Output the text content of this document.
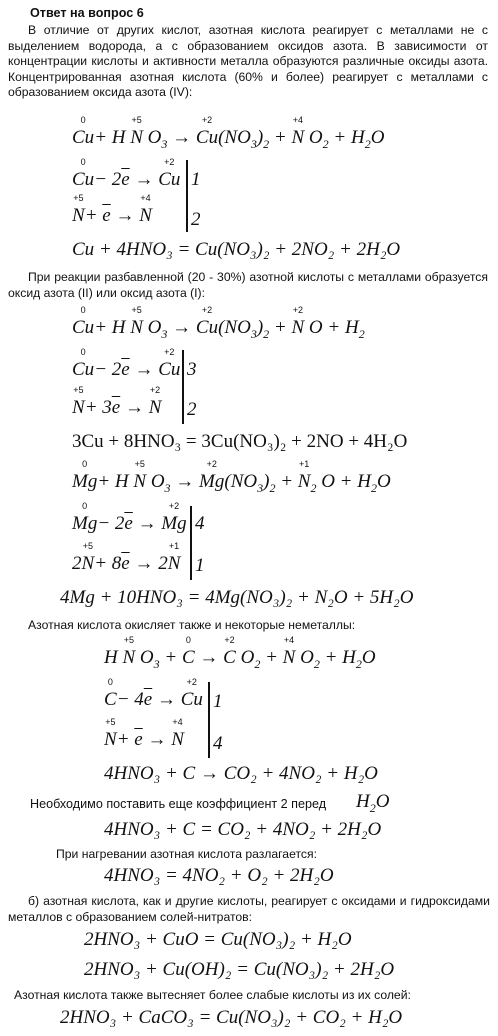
Ответ на вопрос 6

В отличие от других кислот, азотная кислота реагирует с металлами не с выделением водорода, а с образованием оксидов азота. В зависимости от концентрации кислоты и активности металла образуются различные оксиды азота. Концентрированная азотная кислота (60% и более) реагирует с металлами с образованием оксида азота (IV):

Cu
0
+ H N
+5
$O_3 \to Cu$
+2
$(NO_3)_2 + N$
+4
$O_2 + H_2O$
Cu
0
− $2\overline{e} \to Cu$
+2
N
+5
+ $\overline{e} \to N$
+4
1
2
Cu + 4HNO₃ = Cu(NO₃)₂ + 2NO₂ + 2H₂O

При реакции разбавленной (20 - 30%) азотной кислоты с металлами образуется оксид азота (II) или оксид азота (I):

Cu
0
+ H N
+5
$O_3 \to Cu$
+2
$(NO_3)_2 + N$
+2
$O + H_2$
Cu
0
− $2\overline{e} \to Cu$
+2
N
+5
+ $3\overline{e} \to N$
+2
3
2
3Cu + 8HNO₃ = 3Cu(NO₃)₂ + 2NO + 4H₂O
Mg
0
+ H N
+5
$O_3 \to Mg$
+2
$(NO_3)_2 + N$
+1
$_2$ $O + H_2O$
Mg
0
− $2\overline{e} \to Mg$
+2
2N
+5
+ $8\overline{e} \to 2N$
+1
4
1
4Mg + 10HNO₃ = 4Mg(NO₃)₂ + N₂O + 5H₂O

Азотная кислота окисляет также и некоторые неметаллы:

H N
+5
$O_3 + C$
0
→ C
+2
$O_2 + N$
+4
$O_2 + H_2O$
C
0
− $4\overline{e} \to Cu$
+2
N
+5
+ $\overline{e} \to N$
+4
1
4
4HNO₃ + C → CO₂ + 4NO₂ + H₂O

Необходимо поставить еще коэффициент 2 перед $H_2O$
4HNO₃ + C = CO₂ + 4NO₂ + 2H₂O

При нагревании азотная кислота разлагается:

4HNO₃ = 4NO₂ + O₂ + 2H₂O

б) азотная кислота, как и другие кислоты, реагирует с оксидами и гидроксидами металлов с образованием солей-нитратов:

2HNO₃ + CuO = Cu(NO₃)₂ + H₂O
2HNO₃ + Cu(OH)₂ = Cu(NO₃)₂ + 2H₂O

Азотная кислота также вытесняет более слабые кислоты из их солей:

2HNO₃ + CaCO₃ = Cu(NO₃)₂ + CO₂ + H₂O
